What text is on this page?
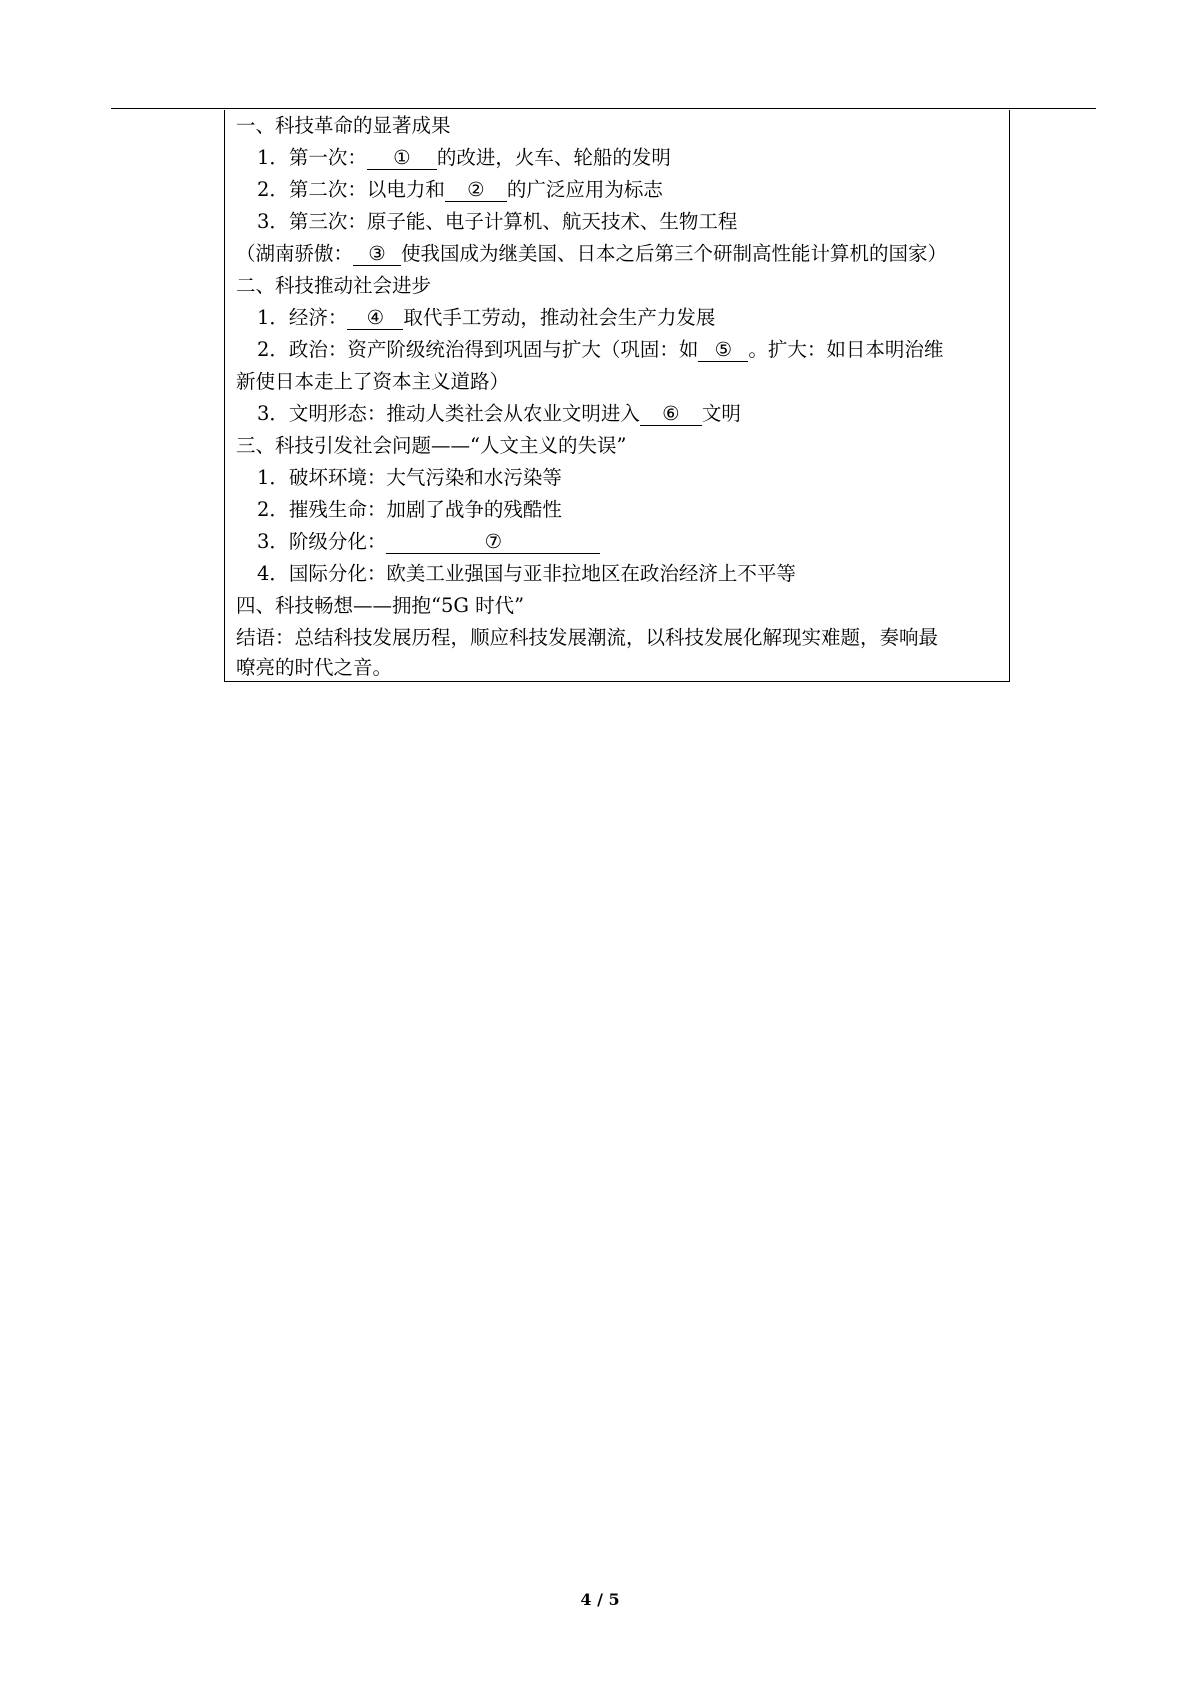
一、科技革命的显著成果
1．第一次： ① 的改进，火车、轮船的发明
2．第二次：以电力和 ② 的广泛应用为标志
3．第三次：原子能、电子计算机、航天技术、生物工程
（湖南骄傲： ③ 使我国成为继美国、日本之后第三个研制高性能计算机的国家）
二、科技推动社会进步
1．经济： ④ 取代手工劳动，推动社会生产力发展
2．政治：资产阶级统治得到巩固与扩大（巩固：如 ⑤ 。扩大：如日本明治维
新使日本走上了资本主义道路）
3．文明形态：推动人类社会从农业文明进入 ⑥ 文明
三、科技引发社会问题——“人文主义的失误”
1．破坏环境：大气污染和水污染等
2．摧残生命：加剧了战争的残酷性
3．阶级分化：	⑦
4．国际分化：欧美工业强国与亚非拉地区在政治经济上不平等
四、科技畅想——拥抱“5G 时代”
结语：总结科技发展历程，顺应科技发展潮流，以科技发展化解现实难题，奏响最
嘹亮的时代之音。
4 / 5
